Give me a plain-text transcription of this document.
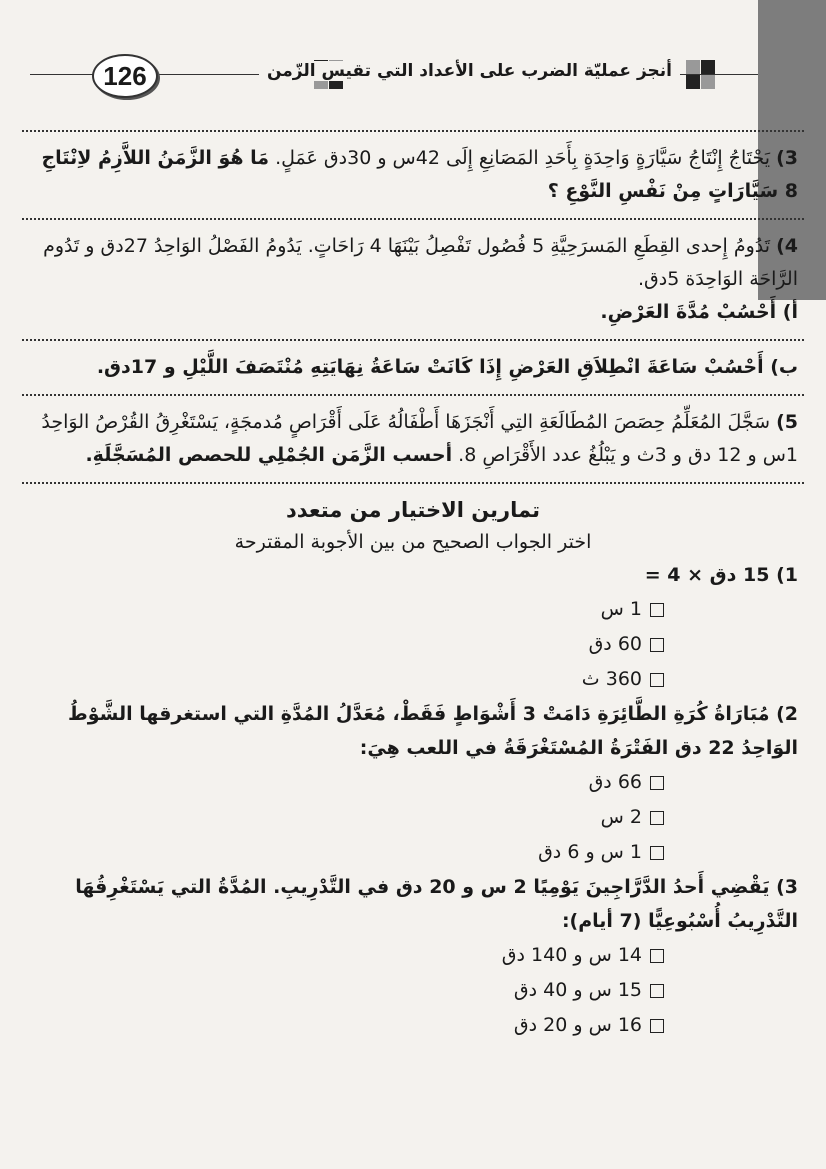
126	أنجز عمليّة الضرب على الأعداد التي تقيس الزّمن
3) يَحْتَاجُ إِنْتَاجُ سَيَّارَةٍ وَاحِدَةٍ بِأَحَدِ المَصَانِعِ إِلَى 42س و 30دق عَمَلٍ. مَا هُوَ الزَّمَنُ اللاَّزِمُ لاِنْتَاجِ 8 سَيَّارَاتٍ مِنْ نَفْسِ النَّوْعِ ؟
4) تَدُومُ إِحدى القِطَعِ المَسرَحِيَّةِ 5 فُصُول تَفْصِلُ بَيْنَهَا 4 رَاحَاتٍ. يَدُومُ الفَصْلُ الوَاحِدُ 27دق و تَدُوم الرَّاحَة الوَاحِدَة 5دق.
أ) أَحْسُبْ مُدَّةَ العَرْضِ.
ب) أَحْسُبْ سَاعَةَ انْطِلاَقِ العَرْضِ إِذَا كَانَتْ سَاعَةُ نِهَايَتِهِ مُنْتَصَفَ اللَّيْلِ و 17دق.
5) سَجَّلَ المُعَلِّمُ حِصَصَ المُطَالَعَةِ التِي أَنْجَزَهَا أَطْفَالُهُ عَلَى أَقْرَاصٍ مُدمجَةٍ، يَسْتَغْرِقُ القُرْصُ الوَاحِدُ 1س و 12 دق و 3ث و يَبْلُغُ عدد الأَقْرَاصِ 8. أحسب الزَّمَن الجُمْلِي للحصص المُسَجَّلَةِ.
تمارين الاختيار من متعدد
اختر الجواب الصحيح من بين الأجوبة المقترحة
1) 15 دق × 4 =
1 س
60 دق
360 ث
2) مُبَارَاةُ كُرَةِ الطَّائِرَةِ دَامَتْ 3 أَشْوَاطٍ فَقَطْ، مُعَدَّلُ المُدَّةِ التي استغرقها الشَّوْطُ الوَاحِدُ 22 دق الفَتْرَةُ المُسْتَغْرَقَةُ في اللعب هِيَ:
66 دق
2 س
1 س و 6 دق
3) يَقْضِي أَحدُ الدَّرَّاجِينَ يَوْمِيًا 2 س و 20 دق في التَّدْرِيبِ. المُدَّةُ التي يَسْتَغْرِقُهَا التَّدْرِيبُ أُسْبُوعِيًّا (7 أيام):
14 س و 140 دق
15 س و 40 دق
16 س و 20 دق
